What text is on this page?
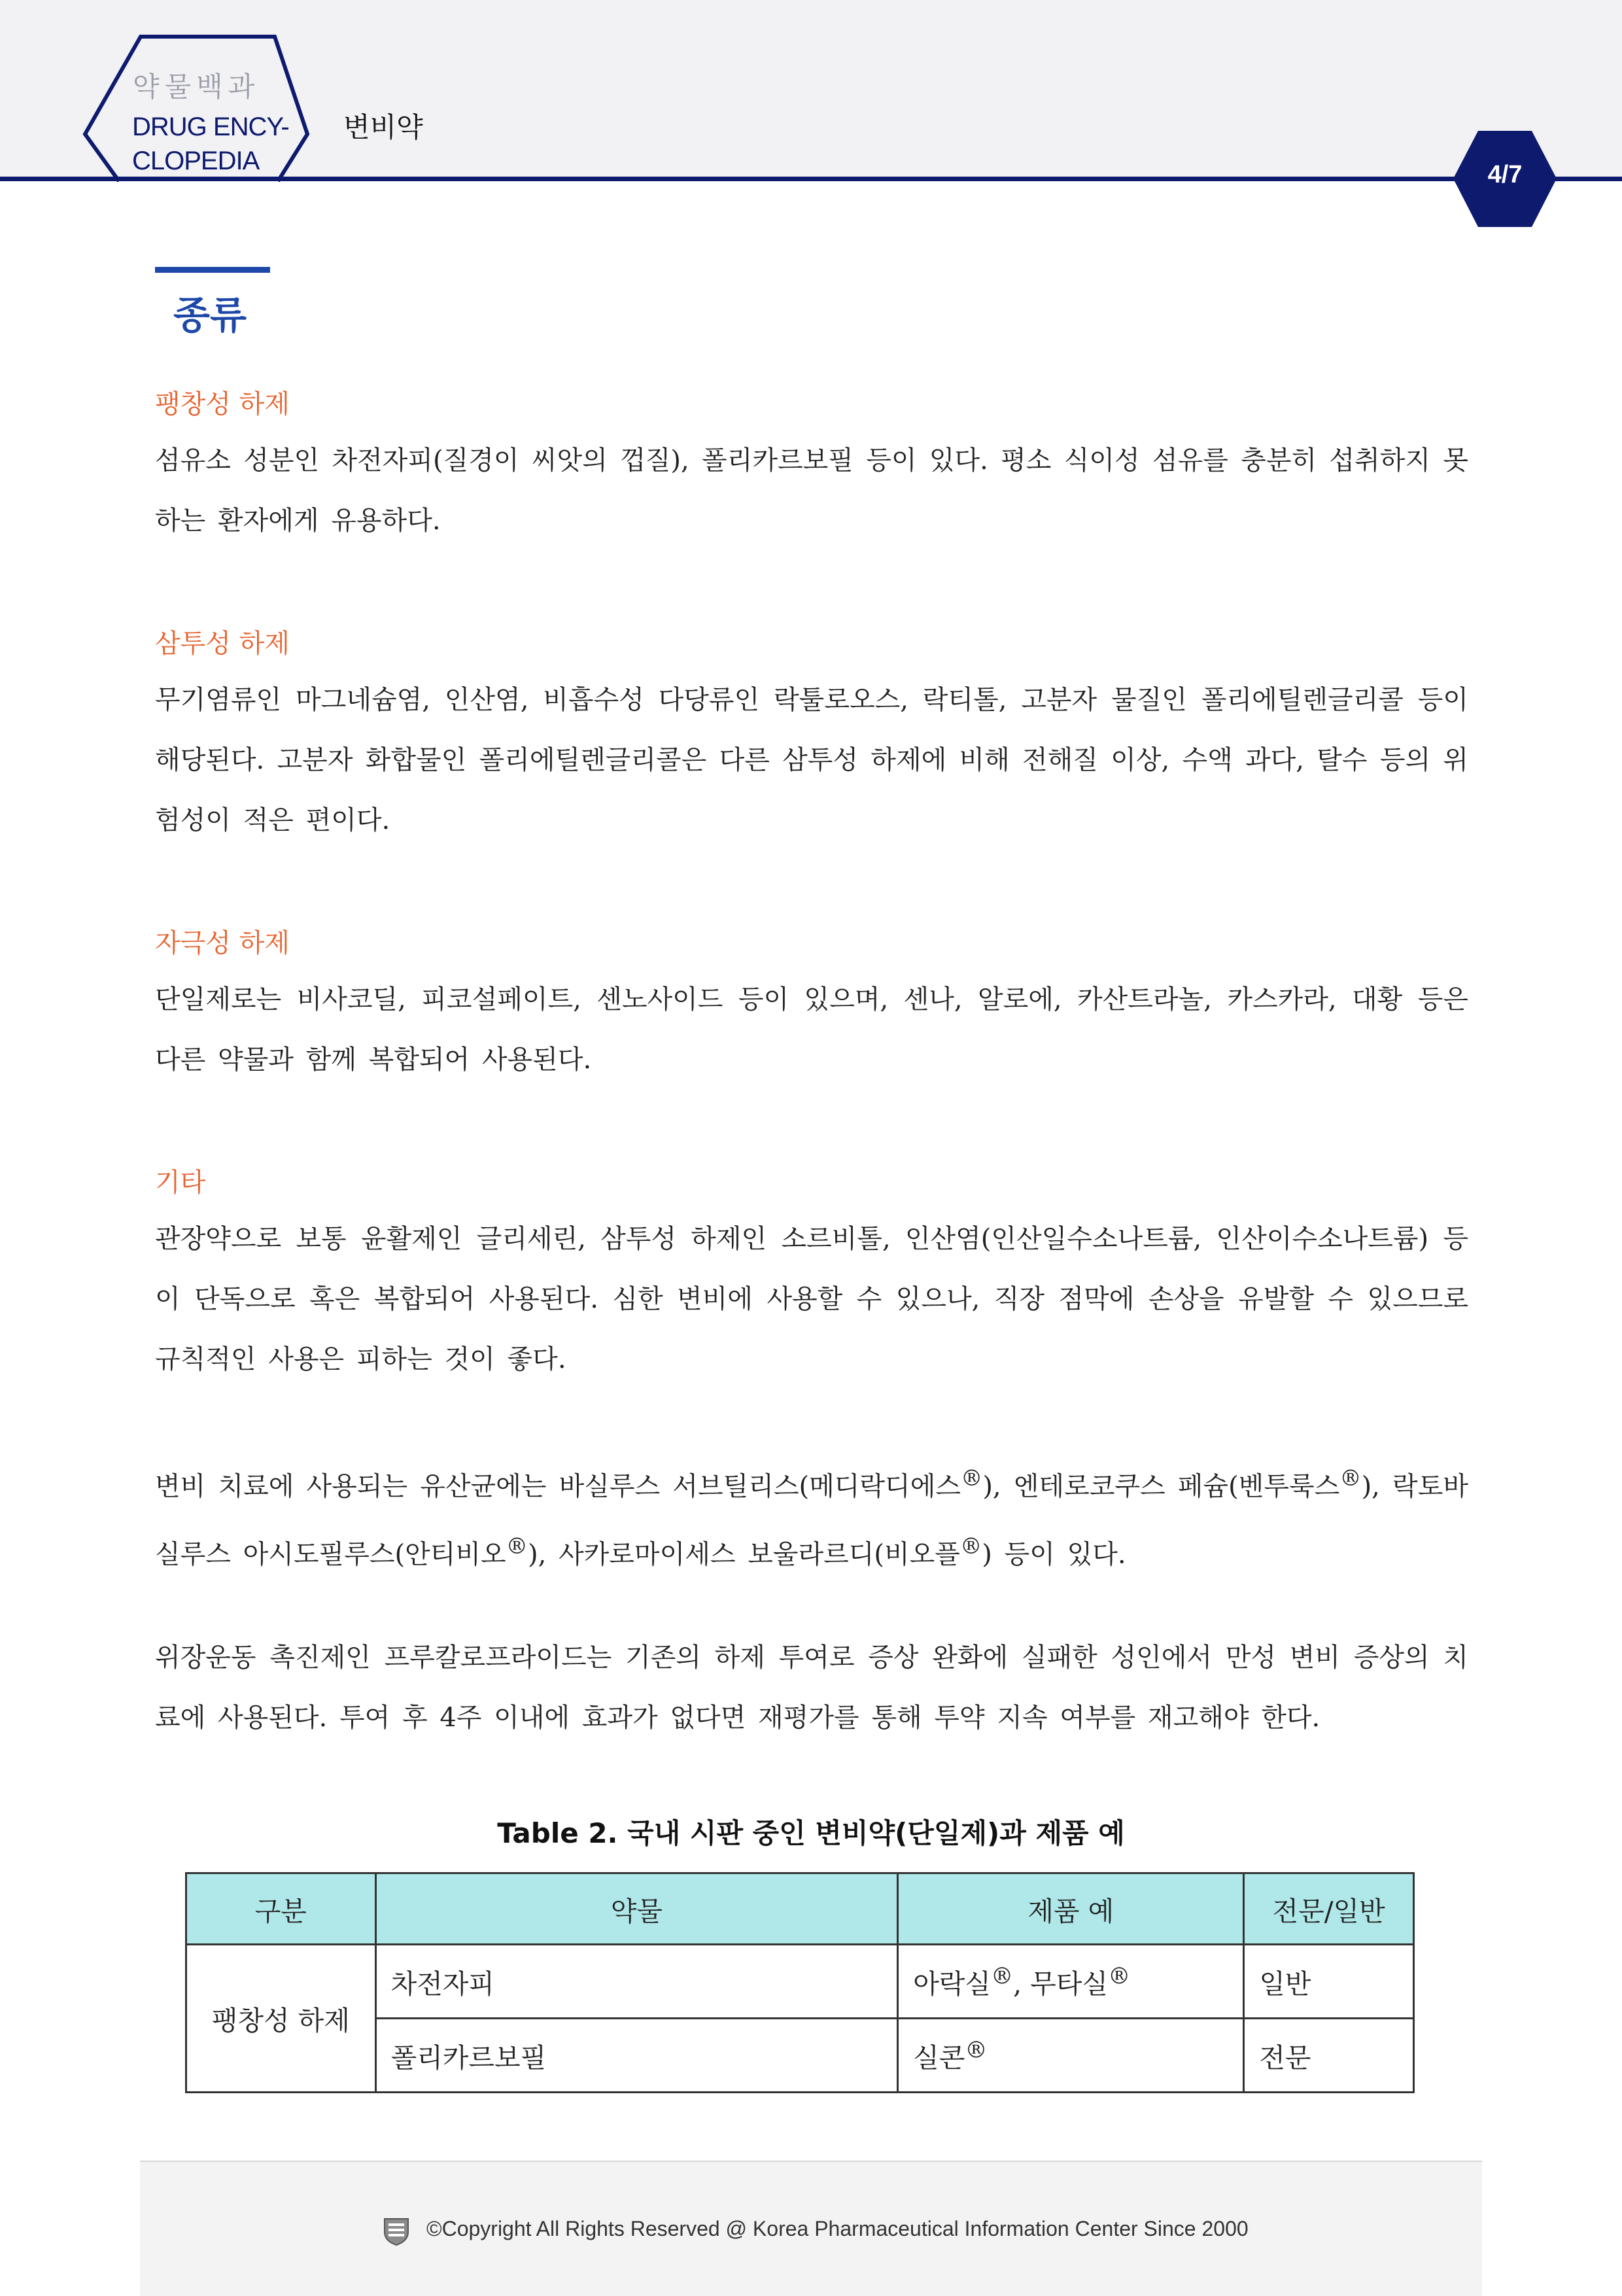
약물백과
DRUG ENCY-
CLOPEDIA
변비약
4/7
종류
팽창성 하제
섬유소 성분인 차전자피(질경이 씨앗의 껍질), 폴리카르보필 등이 있다. 평소 식이성 섬유를 충분히 섭취하지 못하는 환자에게 유용하다.
삼투성 하제
무기염류인 마그네슘염, 인산염, 비흡수성 다당류인 락툴로오스, 락티톨, 고분자 물질인 폴리에틸렌글리콜 등이 해당된다. 고분자 화합물인 폴리에틸렌글리콜은 다른 삼투성 하제에 비해 전해질 이상, 수액 과다, 탈수 등의 위험성이 적은 편이다.
자극성 하제
단일제로는 비사코딜, 피코설페이트, 센노사이드 등이 있으며, 센나, 알로에, 카산트라놀, 카스카라, 대황 등은 다른 약물과 함께 복합되어 사용된다.
기타
관장약으로 보통 윤활제인 글리세린, 삼투성 하제인 소르비톨, 인산염(인산일수소나트륨, 인산이수소나트륨) 등이 단독으로 혹은 복합되어 사용된다. 심한 변비에 사용할 수 있으나, 직장 점막에 손상을 유발할 수 있으므로 규칙적인 사용은 피하는 것이 좋다.
변비 치료에 사용되는 유산균에는 바실루스 서브틸리스(메디락디에스®), 엔테로코쿠스 페슘(벤투룩스®), 락토바실루스 아시도필루스(안티비오®), 사카로마이세스 보울라르디(비오플®) 등이 있다.
위장운동 촉진제인 프루칼로프라이드는 기존의 하제 투여로 증상 완화에 실패한 성인에서 만성 변비 증상의 치료에 사용된다. 투여 후 4주 이내에 효과가 없다면 재평가를 통해 투약 지속 여부를 재고해야 한다.
Table 2. 국내 시판 중인 변비약(단일제)과 제품 예
구분	약물	제품 예	전문/일반
팽창성 하제	차전자피	아락실®, 무타실®	일반
	폴리카르보필	실콘®	전문
©Copyright All Rights Reserved @ Korea Pharmaceutical Information Center Since 2000
